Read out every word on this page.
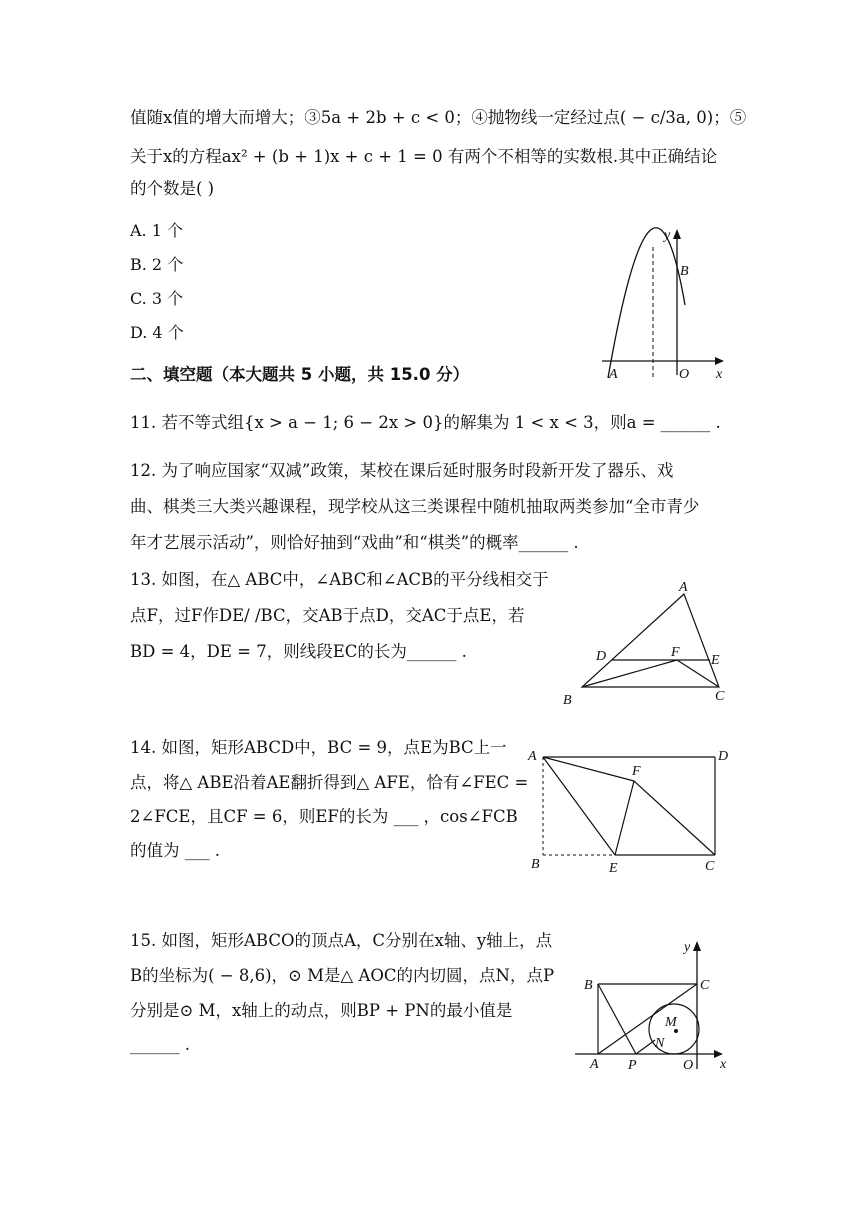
值随x值的增大而增大；③5a + 2b + c < 0；④抛物线一定经过点( − c/3a, 0)；⑤
关于x的方程ax² + (b + 1)x + c + 1 = 0 有两个不相等的实数根.其中正确结论
的个数是( )
A. 1 个
B. 2 个
C. 3 个
D. 4 个
y
x
B
A	O
二、填空题（本大题共 5 小题，共 15.0 分）
11. 若不等式组{x > a − 1; 6 − 2x > 0}的解集为 1 < x < 3，则a = ______ .
12. 为了响应国家“双减”政策，某校在课后延时服务时段新开发了器乐、戏
曲、棋类三大类兴趣课程，现学校从这三类课程中随机抽取两类参加“全市青少
年才艺展示活动”，则恰好抽到“戏曲”和“棋类”的概率______ .
13. 如图，在△ ABC中，∠ABC和∠ACB的平分线相交于
点F，过F作DE/ /BC，交AB于点D，交AC于点E，若
BD = 4，DE = 7，则线段EC的长为______ .
A
D	F
E
B	C
14. 如图，矩形ABCD中，BC = 9，点E为BC上一
点，将△ ABE沿着AE翻折得到△ AFE，恰有∠FEC =
2∠FCE，且CF = 6，则EF的长为 ___ ，cos∠FCB
的值为 ___ .
A	D
F
B	E	C
15. 如图，矩形ABCO的顶点A，C分别在x轴、y轴上，点
B的坐标为( − 8,6)，⊙ M是△ AOC的内切圆，点N，点P
分别是⊙ M，x轴上的动点，则BP + PN的最小值是
______ .
y
x
B	C
M
N
A P	O
